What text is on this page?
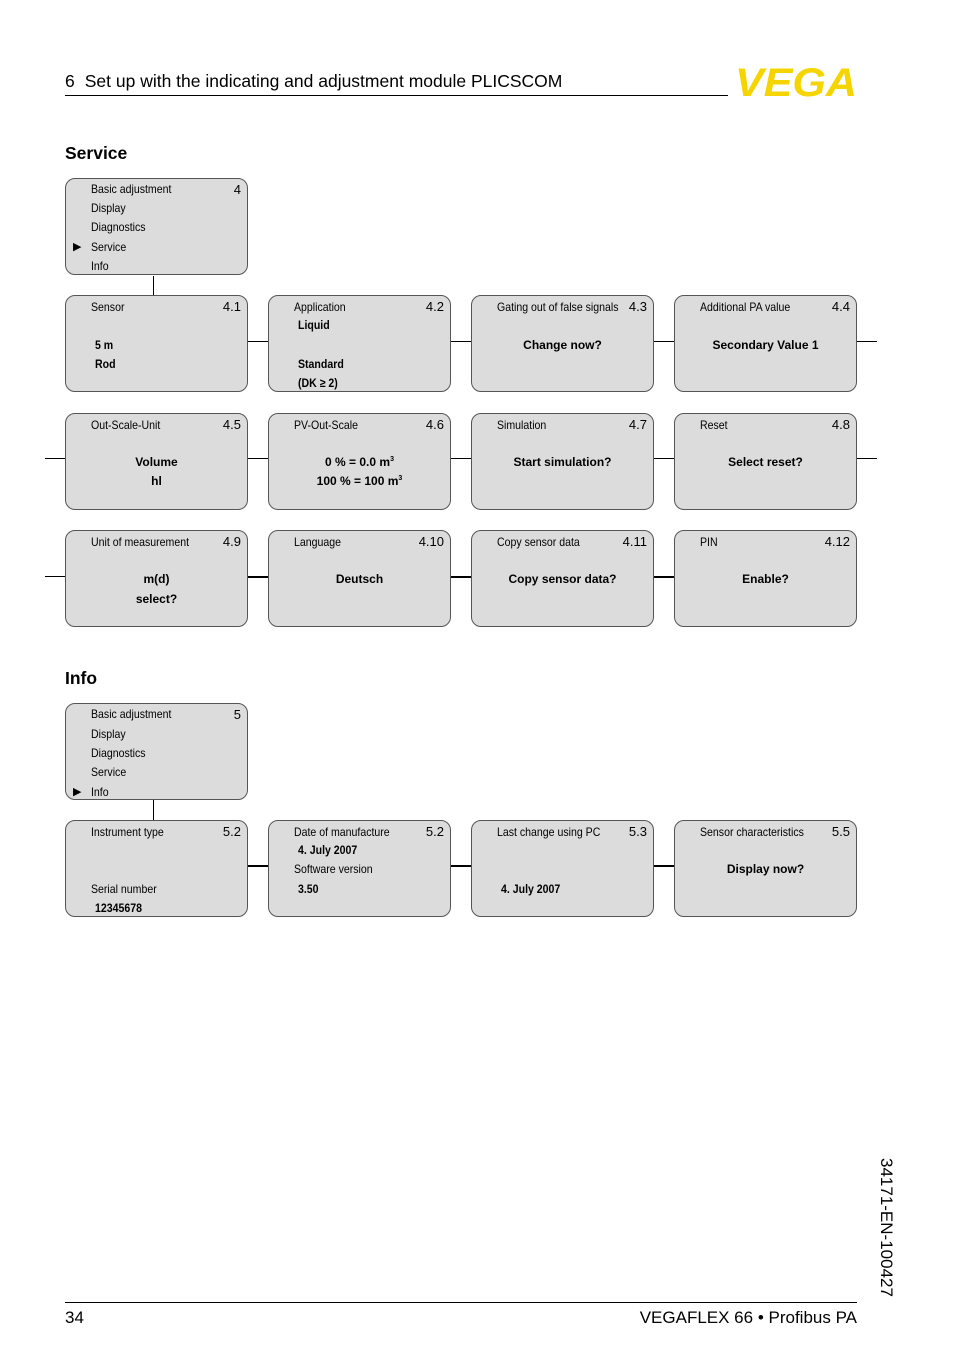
6 Set up with the indicating and adjustment module PLICSCOM	VEGA
Service
Basic adjustment
Display
Diagnostics
▶ Service
Info
4
Sensor	4.1
5 m
Rod
Application	4.2
Liquid
Standard
(DK ≥ 2)
Gating out of false signals 4.3
Change now?
Additional PA value	4.4
Secondary Value 1
Out-Scale-Unit	4.5
Volume
hl
PV-Out-Scale	4.6
0 % = 0.0 $m^3$
100 % = 100 $m^3$
Simulation	4.7
Start simulation?
Reset	4.8
Select reset?
Unit of measurement	4.9
m(d)
select?
Language	4.10
Deutsch
Copy sensor data	4.11
Copy sensor data?
PIN	4.12
Enable?
Info
Basic adjustment
Display
Diagnostics
Service
▶ Info
5
Instrument type	5.2
Serial number
12345678
Date of manufacture	5.2
4. July 2007
Software version
3.50
Last change using PC 5.3
4. July 2007
Sensor characteristics 5.5
Display now?
34171-EN-100427
34	VEGAFLEX 66 • Profibus PA
